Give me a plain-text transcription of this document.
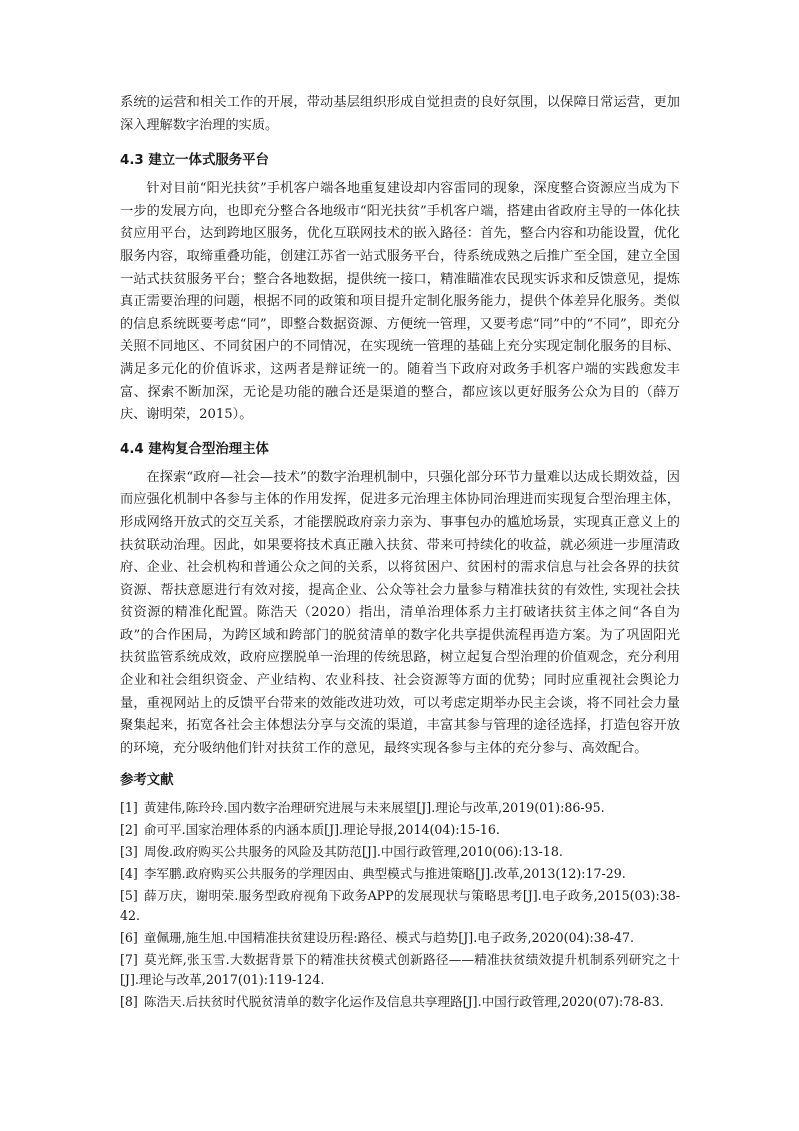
系统的运营和相关工作的开展，带动基层组织形成自觉担责的良好氛围，以保障日常运营，更加深入理解数字治理的实质。

4.3 建立一体式服务平台

针对目前“阳光扶贫”手机客户端各地重复建设却内容雷同的现象，深度整合资源应当成为下一步的发展方向，也即充分整合各地级市“阳光扶贫”手机客户端，搭建由省政府主导的一体化扶贫应用平台，达到跨地区服务，优化互联网技术的嵌入路径：首先，整合内容和功能设置，优化服务内容，取缔重叠功能，创建江苏省一站式服务平台，待系统成熟之后推广至全国，建立全国一站式扶贫服务平台；整合各地数据，提供统一接口，精准瞄准农民现实诉求和反馈意见，提炼真正需要治理的问题，根据不同的政策和项目提升定制化服务能力，提供个体差异化服务。类似的信息系统既要考虑“同”，即整合数据资源、方便统一管理，又要考虑“同”中的“不同”，即充分关照不同地区、不同贫困户的不同情况，在实现统一管理的基础上充分实现定制化服务的目标、满足多元化的价值诉求，这两者是辩证统一的。随着当下政府对政务手机客户端的实践愈发丰富、探索不断加深，无论是功能的融合还是渠道的整合，都应该以更好服务公众为目的（薛万庆、谢明荣，2015）。

4.4 建构复合型治理主体

在探索“政府—社会—技术”的数字治理机制中，只强化部分环节力量难以达成长期效益，因而应强化机制中各参与主体的作用发挥，促进多元治理主体协同治理进而实现复合型治理主体，形成网络开放式的交互关系，才能摆脱政府亲力亲为、事事包办的尴尬场景，实现真正意义上的扶贫联动治理。因此，如果要将技术真正融入扶贫、带来可持续化的收益，就必须进一步厘清政府、企业、社会机构和普通公众之间的关系，以将贫困户、贫困村的需求信息与社会各界的扶贫资源、帮扶意愿进行有效对接，提高企业、公众等社会力量参与精准扶贫的有效性, 实现社会扶贫资源的精准化配置。陈浩天（2020）指出，清单治理体系力主打破诸扶贫主体之间“各自为政”的合作困局，为跨区域和跨部门的脱贫清单的数字化共享提供流程再造方案。为了巩固阳光扶贫监管系统成效，政府应摆脱单一治理的传统思路，树立起复合型治理的价值观念，充分利用企业和社会组织资金、产业结构、农业科技、社会资源等方面的优势；同时应重视社会舆论力量，重视网站上的反馈平台带来的效能改进功效，可以考虑定期举办民主会谈，将不同社会力量聚集起来，拓宽各社会主体想法分享与交流的渠道，丰富其参与管理的途径选择，打造包容开放的环境，充分吸纳他们针对扶贫工作的意见，最终实现各参与主体的充分参与、高效配合。

参考文献
[1] 黄建伟,陈玲玲.国内数字治理研究进展与未来展望[J].理论与改革,2019(01):86-95.
[2] 俞可平.国家治理体系的内涵本质[J].理论导报,2014(04):15-16.
[3] 周俊.政府购买公共服务的风险及其防范[J].中国行政管理,2010(06):13-18.
[4] 李军鹏.政府购买公共服务的学理因由、典型模式与推进策略[J].改革,2013(12):17-29.
[5] 薛万庆，谢明荣.服务型政府视角下政务APP的发展现状与策略思考[J].电子政务,2015(03):38-42.
[6] 童佩珊,施生旭.中国精准扶贫建设历程:路径、模式与趋势[J].电子政务,2020(04):38-47.
[7] 莫光辉,张玉雪.大数据背景下的精准扶贫模式创新路径——精准扶贫绩效提升机制系列研究之十[J].理论与改革,2017(01):119-124.
[8] 陈浩天.后扶贫时代脱贫清单的数字化运作及信息共享理路[J].中国行政管理,2020(07):78-83.
